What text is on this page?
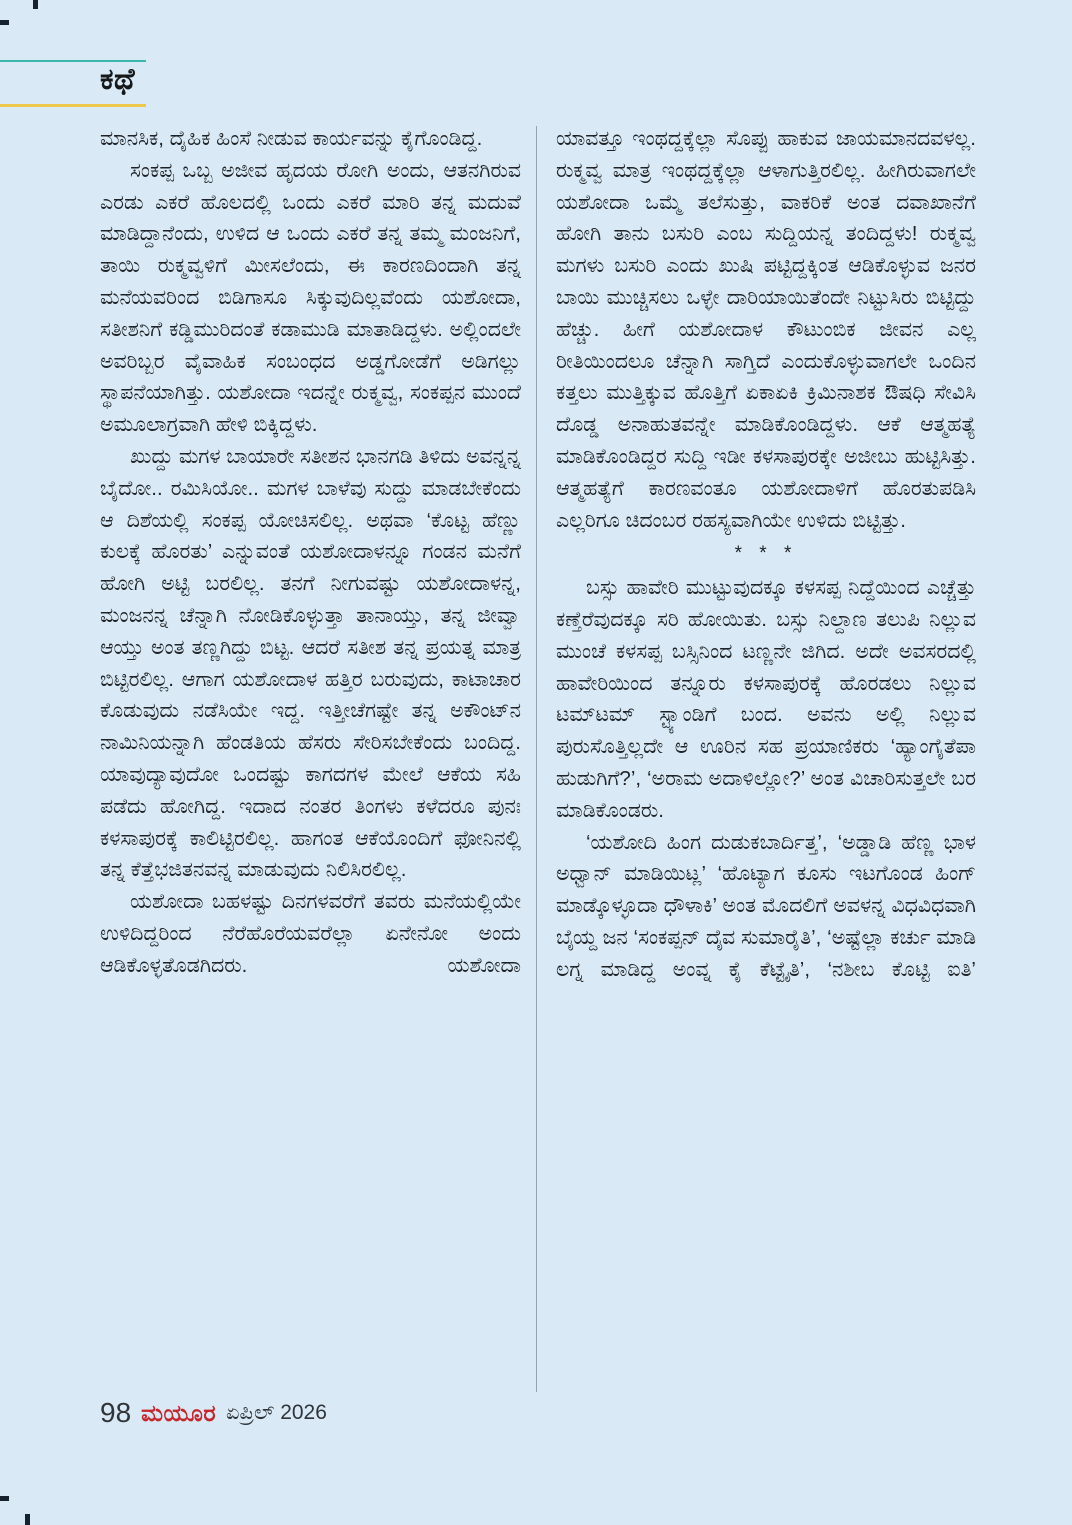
ಕಥೆ

ಮಾನಸಿಕ, ದೈಹಿಕ ಹಿಂಸೆ ನೀಡುವ ಕಾರ್ಯವನ್ನು ಕೈಗೊಂಡಿದ್ದ.

ಸಂಕಪ್ಪ ಒಬ್ಬ ಅಜೀವ ಹೃದಯ ರೋಗಿ ಅಂದು, ಆತನಗಿರುವ ಎರಡು ಎಕರೆ ಹೊಲದಲ್ಲಿ ಒಂದು ಎಕರೆ ಮಾರಿ ತನ್ನ ಮದುವೆ ಮಾಡಿದ್ದಾನೆಂದು, ಉಳಿದ ಆ ಒಂದು ಎಕರೆ ತನ್ನ ತಮ್ಮ ಮಂಜನಿಗೆ, ತಾಯಿ ರುಕ್ಮವ್ವಳಿಗೆ ಮೀಸಲೆಂದು, ಈ ಕಾರಣದಿಂದಾಗಿ ತನ್ನ ಮನೆಯವರಿಂದ ಬಿಡಿಗಾಸೂ ಸಿಕ್ಕುವುದಿಲ್ಲವೆಂದು ಯಶೋದಾ, ಸತೀಶನಿಗೆ ಕಡ್ಡಿಮುರಿದಂತೆ ಕಡಾಮುಡಿ ಮಾತಾಡಿದ್ದಳು. ಅಲ್ಲಿಂದಲೇ ಅವರಿಬ್ಬರ ವೈವಾಹಿಕ ಸಂಬಂಧದ ಅಡ್ಡಗೋಡೆಗೆ ಅಡಿಗಲ್ಲು ಸ್ಥಾಪನೆಯಾಗಿತ್ತು. ಯಶೋದಾ ಇದನ್ನೇ ರುಕ್ಮವ್ವ, ಸಂಕಪ್ಪನ ಮುಂದೆ ಅಮೂಲಾಗ್ರವಾಗಿ ಹೇಳಿ ಬಿಕ್ಕಿದ್ದಳು.

ಖುದ್ದು ಮಗಳ ಬಾಯಾರೇ ಸತೀಶನ ಭಾನಗಡಿ ತಿಳಿದು ಅವನ್ನನ್ನ ಬೈದೋ.. ರಮಿಸಿಯೋ.. ಮಗಳ ಬಾಳೆವು ಸುದ್ದು ಮಾಡಬೇಕೆಂದು ಆ ದಿಶೆಯಲ್ಲಿ ಸಂಕಪ್ಪ ಯೋಚಿಸಲಿಲ್ಲ. ಅಥವಾ ‘ಕೊಟ್ಟ ಹೆಣ್ಣು ಕುಲಕ್ಕೆ ಹೊರತು’ ಎನ್ನುವಂತೆ ಯಶೋದಾಳನ್ನೂ ಗಂಡನ ಮನೆಗೆ ಹೋಗಿ ಅಟ್ಟಿ ಬರಲಿಲ್ಲ. ತನಗೆ ನೀಗುವಷ್ಟು ಯಶೋದಾಳನ್ನ, ಮಂಜನನ್ನ ಚೆನ್ನಾಗಿ ನೋಡಿಕೊಳ್ಳುತ್ತಾ ತಾನಾಯ್ತು, ತನ್ನ ಜೀವ್ವಾ ಆಯ್ತು ಅಂತ ತಣ್ಣಗಿದ್ದು ಬಿಟ್ಟ. ಆದರೆ ಸತೀಶ ತನ್ನ ಪ್ರಯತ್ನ ಮಾತ್ರ ಬಿಟ್ಟಿರಲಿಲ್ಲ. ಆಗಾಗ ಯಶೋದಾಳ ಹತ್ತಿರ ಬರುವುದು, ಕಾಟಾಚಾರ ಕೊಡುವುದು ನಡೆಸಿಯೇ ಇದ್ದ. ಇತ್ತೀಚೆಗಷ್ಟೇ ತನ್ನ ಅಕೌಂಟ್‌ನ ನಾಮಿನಿಯನ್ನಾಗಿ ಹೆಂಡತಿಯ ಹೆಸರು ಸೇರಿಸಬೇಕೆಂದು ಬಂದಿದ್ದ. ಯಾವುದ್ಯಾವುದೋ ಒಂದಷ್ಟು ಕಾಗದಗಳ ಮೇಲೆ ಆಕೆಯ ಸಹಿ ಪಡೆದು ಹೋಗಿದ್ದ. ಇದಾದ ನಂತರ ತಿಂಗಳು ಕಳೆದರೂ ಪುನಃ ಕಳಸಾಪುರಕ್ಕೆ ಕಾಲಿಟ್ಟಿರಲಿಲ್ಲ. ಹಾಗಂತ ಆಕೆಯೊಂದಿಗೆ ಫೋನಿನಲ್ಲಿ ತನ್ನ ಕೆತ್ತೆಭಜಿತನವನ್ನ ಮಾಡುವುದು ನಿಲಿಸಿರಲಿಲ್ಲ.

ಯಶೋದಾ ಬಹಳಷ್ಟು ದಿನಗಳವರೆಗೆ ತವರು ಮನೆಯಲ್ಲಿಯೇ ಉಳಿದಿದ್ದರಿಂದ ನೆರೆಹೊರೆಯವರೆಲ್ಲಾ ಏನೇನೋ ಅಂದು ಆಡಿಕೊಳ್ಳತೊಡಗಿದರು. ಯಶೋದಾ

ಯಾವತ್ತೂ ಇಂಥದ್ದಕ್ಕೆಲ್ಲಾ ಸೊಪ್ಪು ಹಾಕುವ ಜಾಯಮಾನದವಳಲ್ಲ. ರುಕ್ಮವ್ವ ಮಾತ್ರ ಇಂಥದ್ದಕ್ಕೆಲ್ಲಾ ಆಳಾಗುತ್ತಿರಲಿಲ್ಲ. ಹೀಗಿರುವಾಗಲೇ ಯಶೋದಾ ಒಮ್ಮೆ ತಲೆಸುತ್ತು, ವಾಕರಿಕೆ ಅಂತ ದವಾಖಾನೆಗೆ ಹೋಗಿ ತಾನು ಬಸುರಿ ಎಂಬ ಸುದ್ದಿಯನ್ನ ತಂದಿದ್ದಳು! ರುಕ್ಮವ್ವ ಮಗಳು ಬಸುರಿ ಎಂದು ಖುಷಿ ಪಟ್ಟಿದ್ದಕ್ಕಿಂತ ಆಡಿಕೊಳ್ಳುವ ಜನರ ಬಾಯಿ ಮುಚ್ಚಿಸಲು ಒಳ್ಳೇ ದಾರಿಯಾಯಿತೆಂದೇ ನಿಟ್ಟುಸಿರು ಬಿಟ್ಟಿದ್ದು ಹೆಚ್ಚು. ಹೀಗೆ ಯಶೋದಾಳ ಕೌಟುಂಬಿಕ ಜೀವನ ಎಲ್ಲ ರೀತಿಯಿಂದಲೂ ಚೆನ್ನಾಗಿ ಸಾಗ್ತಿದೆ ಎಂದುಕೊಳ್ಳುವಾಗಲೇ ಒಂದಿನ ಕತ್ತಲು ಮುತ್ತಿಕ್ಕುವ ಹೊತ್ತಿಗೆ ಏಕಾಏಕಿ ಕ್ರಿಮಿನಾಶಕ ಔಷಧಿ ಸೇವಿಸಿ ದೊಡ್ಡ ಅನಾಹುತವನ್ನೇ ಮಾಡಿಕೊಂಡಿದ್ದಳು. ಆಕೆ ಆತ್ಮಹತ್ಯೆ ಮಾಡಿಕೊಂಡಿದ್ದರ ಸುದ್ದಿ ಇಡೀ ಕಳಸಾಪುರಕ್ಕೇ ಅಜೀಬು ಹುಟ್ಟಿಸಿತ್ತು. ಆತ್ಮಹತ್ಯೆಗೆ ಕಾರಣವಂತೂ ಯಶೋದಾಳಿಗೆ ಹೊರತುಪಡಿಸಿ ಎಲ್ಲರಿಗೂ ಚಿದಂಬರ ರಹಸ್ಯವಾಗಿಯೇ ಉಳಿದು ಬಿಟ್ಟಿತ್ತು.

* * *

ಬಸ್ಸು ಹಾವೇರಿ ಮುಟ್ಟುವುದಕ್ಕೂ ಕಳಸಪ್ಪ ನಿದ್ದೆಯಿಂದ ಎಚ್ಚೆತ್ತು ಕಣ್ತೆರೆವುದಕ್ಕೂ ಸರಿ ಹೋಯಿತು. ಬಸ್ಸು ನಿಲ್ದಾಣ ತಲುಪಿ ನಿಲ್ಲುವ ಮುಂಚೆ ಕಳಸಪ್ಪ ಬಸ್ಸಿನಿಂದ ಟಣ್ಣನೇ ಜಿಗಿದ. ಅದೇ ಅವಸರದಲ್ಲಿ ಹಾವೇರಿಯಿಂದ ತನ್ನೂರು ಕಳಸಾಪುರಕ್ಕೆ ಹೊರಡಲು ನಿಲ್ಲುವ ಟಮ್‌ಟಮ್ ಸ್ಟ್ಯಾಂಡಿಗೆ ಬಂದ. ಅವನು ಅಲ್ಲಿ ನಿಲ್ಲುವ ಪುರುಸೊತ್ತಿಲ್ಲದೇ ಆ ಊರಿನ ಸಹ ಪ್ರಯಾಣಿಕರು ‘ಹ್ಯಾಂಗೈತೆಪಾ ಹುಡುಗಿಗೆ?’, ‘ಅರಾಮ ಅದಾಳಿಲ್ಲೋ?’ ಅಂತ ವಿಚಾರಿಸುತ್ತಲೇ ಬರ ಮಾಡಿಕೊಂಡರು.

‘ಯಶೋದಿ ಹಿಂಗ ದುಡುಕಬಾರ್ದಿತ್ತ’, ‘ಅಡ್ಡಾಡಿ ಹೆಣ್ಣ ಭಾಳ ಅಧ್ವಾನ್ ಮಾಡಿಯಿಟ್ಲ’ ‘ಹೊಟ್ಯಾಗ ಕೂಸು ಇಟಗೊಂಡ ಹಿಂಗ್ ಮಾಡ್ಕೊಳ್ಳೂದಾ ಧೌಳಾಕಿ’ ಅಂತ ಮೊದಲಿಗೆ ಅವಳನ್ನ ವಿಧವಿಧವಾಗಿ ಬೈಯ್ದ ಜನ ‘ಸಂಕಪ್ಪನ್ ದೈವ ಸುಮಾರೈತಿ’, ‘ಅಷ್ಟೆಲ್ಲಾ ಕರ್ಚು ಮಾಡಿ ಲಗ್ನ ಮಾಡಿದ್ದ ಅಂವ್ನ ಕೈ ಕೆಟ್ಟೈತಿ’, ‘ನಶೀಬ ಕೊಟ್ಟಿ ಐತಿ’

98 ಮಯೂರ ಏಪ್ರಿಲ್ 2026
